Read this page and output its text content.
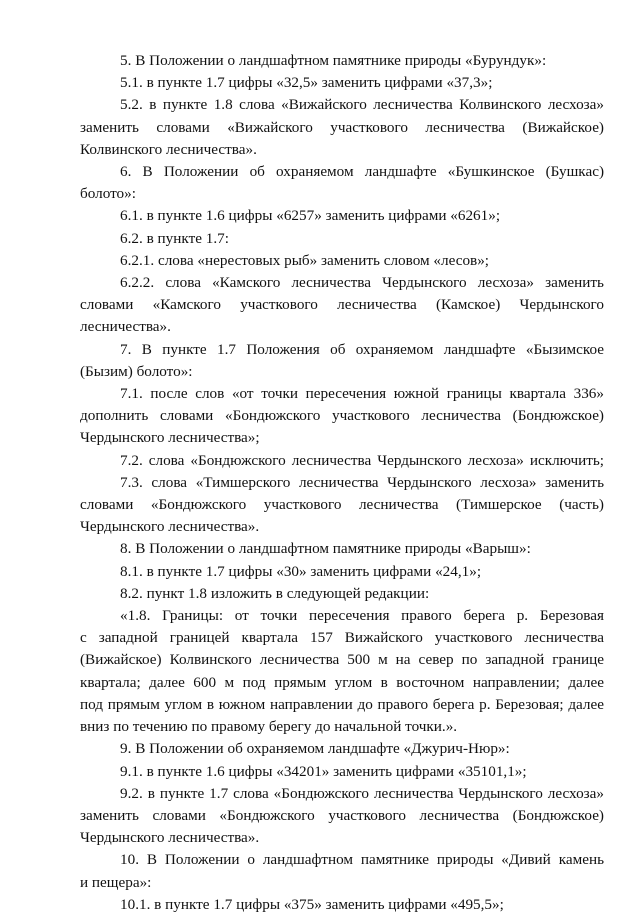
5. В Положении о ландшафтном памятнике природы «Бурундук»:
5.1. в пункте 1.7 цифры «32,5» заменить цифрами «37,3»;
5.2. в пункте 1.8 слова «Вижайского лесничества Колвинского лесхоза»
заменить словами «Вижайского участкового лесничества (Вижайское)
Колвинского лесничества».
6. В Положении об охраняемом ландшафте «Бушкинское (Бушкас)
болото»:
6.1. в пункте 1.6 цифры «6257» заменить цифрами «6261»;
6.2. в пункте 1.7:
6.2.1. слова «нерестовых рыб» заменить словом «лесов»;
6.2.2. слова «Камского лесничества Чердынского лесхоза» заменить
словами «Камского участкового лесничества (Камское) Чердынского
лесничества».
7. В пункте 1.7 Положения об охраняемом ландшафте «Бызимское
(Бызим) болото»:
7.1. после слов «от точки пересечения южной границы квартала 336»
дополнить словами «Бондюжского участкового лесничества (Бондюжское)
Чердынского лесничества»;
7.2. слова «Бондюжского лесничества Чердынского лесхоза» исключить;
7.3. слова «Тимшерского лесничества Чердынского лесхоза» заменить
словами «Бондюжского участкового лесничества (Тимшерское (часть)
Чердынского лесничества».
8. В Положении о ландшафтном памятнике природы «Варыш»:
8.1. в пункте 1.7 цифры «30» заменить цифрами «24,1»;
8.2. пункт 1.8 изложить в следующей редакции:
«1.8. Границы: от точки пересечения правого берега р. Березовая
с западной границей квартала 157 Вижайского участкового лесничества
(Вижайское) Колвинского лесничества 500 м на север по западной границе
квартала; далее 600 м под прямым углом в восточном направлении; далее
под прямым углом в южном направлении до правого берега р. Березовая; далее
вниз по течению по правому берегу до начальной точки.».
9. В Положении об охраняемом ландшафте «Джурич-Нюр»:
9.1. в пункте 1.6 цифры «34201» заменить цифрами «35101,1»;
9.2. в пункте 1.7 слова «Бондюжского лесничества Чердынского лесхоза»
заменить словами «Бондюжского участкового лесничества (Бондюжское)
Чердынского лесничества».
10. В Положении о ландшафтном памятнике природы «Дивий камень
и пещера»:
10.1. в пункте 1.7 цифры «375» заменить цифрами «495,5»;
